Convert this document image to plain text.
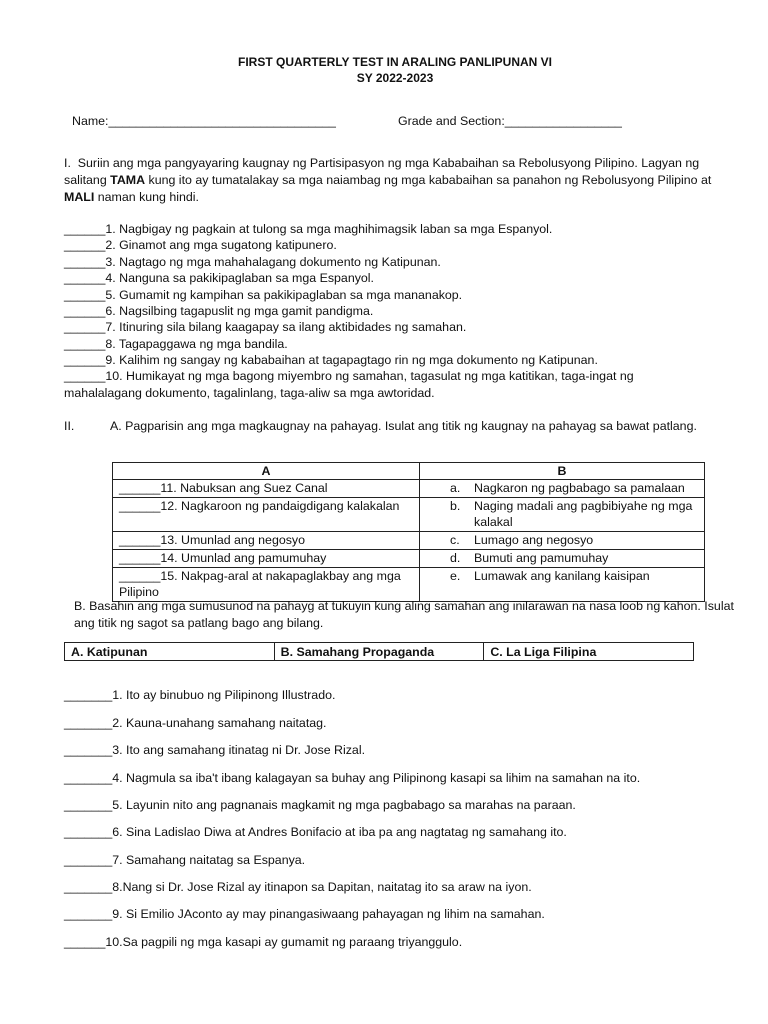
FIRST QUARTERLY TEST IN ARALING PANLIPUNAN VI
SY 2022-2023
Name:_________________________________	Grade and Section:_________________
I. Suriin ang mga pangyayaring kaugnay ng Partisipasyon ng mga Kababaihan sa Rebolusyong Pilipino. Lagyan ng salitang TAMA kung ito ay tumatalakay sa mga naiambag ng mga kababaihan sa panahon ng Rebolusyong Pilipino at MALI naman kung hindi.
______1. Nagbigay ng pagkain at tulong sa mga maghihimagsik laban sa mga Espanyol.
______2. Ginamot ang mga sugatong katipunero.
______3. Nagtago ng mga mahahalagang dokumento ng Katipunan.
______4. Nanguna sa pakikipaglaban sa mga Espanyol.
______5. Gumamit ng kampihan sa pakikipaglaban sa mga mananakop.
______6. Nagsilbing tagapuslit ng mga gamit pandigma.
______7. Itinuring sila bilang kaagapay sa ilang aktibidades ng samahan.
______8. Tagapaggawa ng mga bandila.
______9. Kalihim ng sangay ng kababaihan at tagapagtago rin ng mga dokumento ng Katipunan.
______10. Humikayat ng mga bagong miyembro ng samahan, tagasulat ng mga katitikan, taga-ingat ng mahalalagang dokumento, tagalinlang, taga-aliw sa mga awtoridad.
II.	A. Pagparisin ang mga magkaugnay na pahayag. Isulat ang titik ng kaugnay na pahayag sa bawat patlang.
A	B
______11. Nabuksan ang Suez Canal	a. Nagkaron ng pagbabago sa pamalaan

______12. Nagkaroon ng pandaigdigang kalakalan	b. Naging madali ang pagbibiyahe ng mga kalakal

______13. Umunlad ang negosyo	c. Lumago ang negosyo

______14. Umunlad ang pamumuhay	d. Bumuti ang pamumuhay

______15. Nakpag-aral at nakapaglakbay ang mga Pilipino	e. Lumawak ang kanilang kaisipan
B. Basahin ang mga sumusunod na pahayg at tukuyin kung aling samahan ang inilarawan na nasa loob ng kahon. Isulat ang titik ng sagot sa patlang bago ang bilang.
A. Katipunan	B. Samahang Propaganda	C. La Liga Filipina
_______1. Ito ay binubuo ng Pilipinong Illustrado.
_______2. Kauna-unahang samahang naitatag.
_______3. Ito ang samahang itinatag ni Dr. Jose Rizal.
_______4. Nagmula sa iba't ibang kalagayan sa buhay ang Pilipinong kasapi sa lihim na samahan na ito.
_______5. Layunin nito ang pagnanais magkamit ng mga pagbabago sa marahas na paraan.
_______6. Sina Ladislao Diwa at Andres Bonifacio at iba pa ang nagtatag ng samahang ito.
_______7. Samahang naitatag sa Espanya.
_______8.Nang si Dr. Jose Rizal ay itinapon sa Dapitan, naitatag ito sa araw na iyon.
_______9. Si Emilio JAconto ay may pinangasiwaang pahayagan ng lihim na samahan.
______10.Sa pagpili ng mga kasapi ay gumamit ng paraang triyanggulo.
